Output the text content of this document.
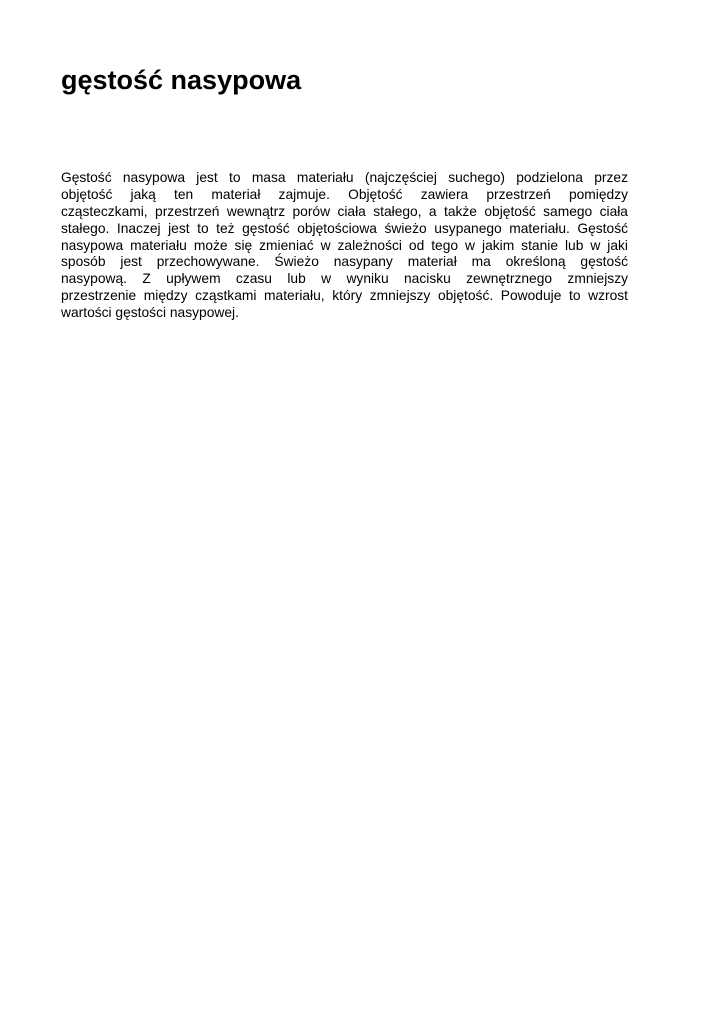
gęstość nasypowa
Gęstość nasypowa jest to masa materiału (najczęściej suchego) podzielona przez
objętość jaką ten materiał zajmuje. Objętość zawiera przestrzeń pomiędzy
cząsteczkami, przestrzeń wewnątrz porów ciała stałego, a także objętość samego ciała
stałego. Inaczej jest to też gęstość objętościowa świeżo usypanego materiału. Gęstość
nasypowa materiału może się zmieniać w zależności od tego w jakim stanie lub w jaki
sposób jest przechowywane. Świeżo nasypany materiał ma określoną gęstość
nasypową. Z upływem czasu lub w wyniku nacisku zewnętrznego zmniejszy
przestrzenie między cząstkami materiału, który zmniejszy objętość. Powoduje to wzrost
wartości gęstości nasypowej.
